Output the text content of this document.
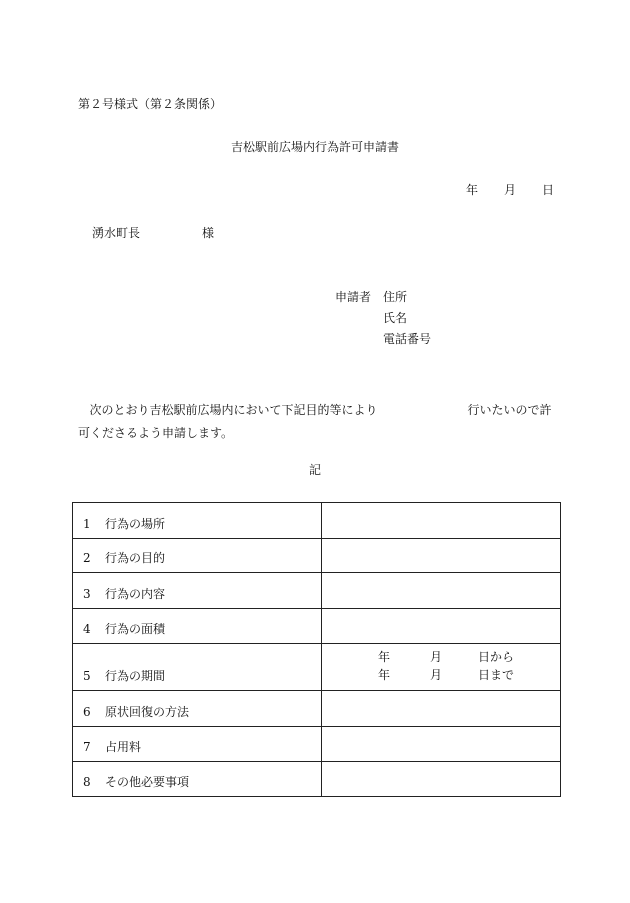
第２号様式（第２条関係）
吉松駅前広場内行為許可申請書
年 月 日
湧水町長	様
申請者 住所
氏名
電話番号
次のとおり吉松駅前広場内において下記目的等により	行いたいので許可くださるよう申請します。
記
1 行為の場所	
2 行為の目的	
3 行為の内容	
4 行為の面積	
5 行為の期間	年 月 日から
年 月 日まで

6 原状回復の方法	
7 占用料	
8 その他必要事項	
